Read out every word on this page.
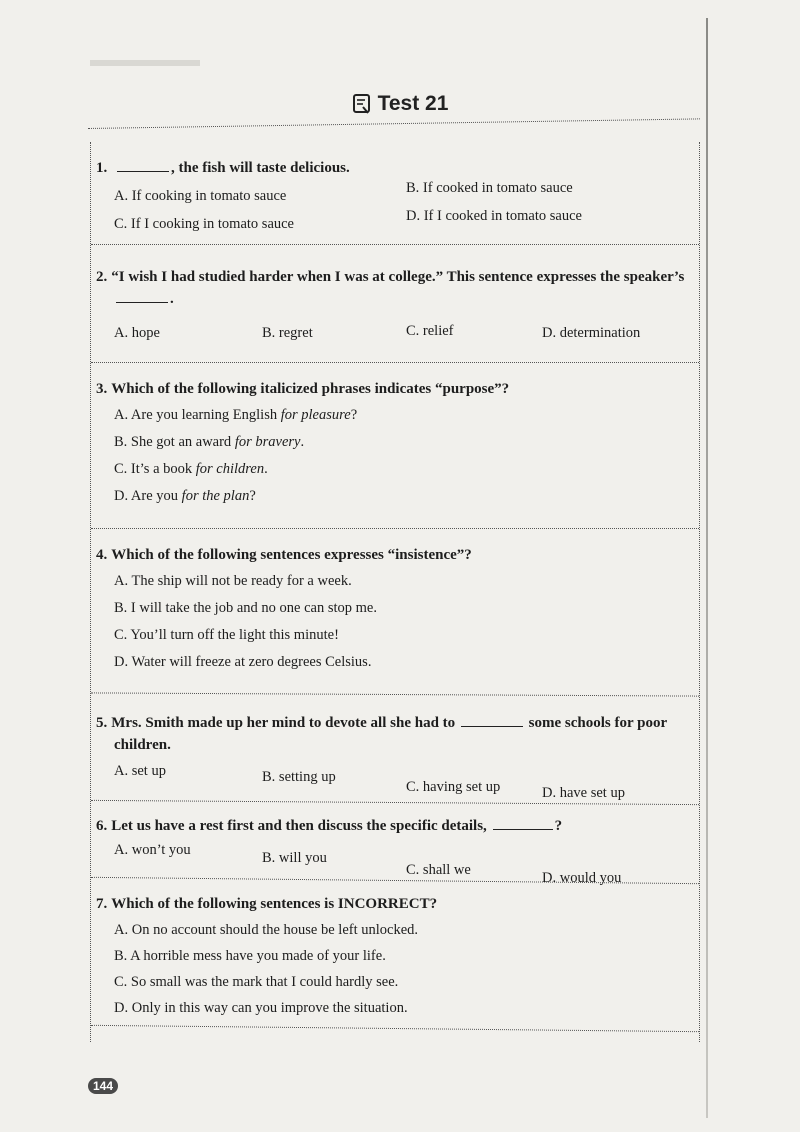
Test 21

1.	, the fish will taste delicious.

A. If cooking in tomato sauce	B. If cooked in tomato sauce
C. If I cooking in tomato sauce	D. If I cooked in tomato sauce

2. “I wish I had studied harder when I was at college.” This sentence expresses the speaker’s

.

A. hope	B. regret	C. relief	D. determination

3. Which of the following italicized phrases indicates “purpose”?

A. Are you learning English for pleasure?
B. She got an award for bravery.
C. It’s a book for children.
D. Are you for the plan?

4. Which of the following sentences expresses “insistence”?

A. The ship will not be ready for a week.
B. I will take the job and no one can stop me.
C. You’ll turn off the light this minute!
D. Water will freeze at zero degrees Celsius.

5. Mrs. Smith made up her mind to devote all she had to	some schools for poor

children.

A. set up	B. setting up
C. having set up	D. have set up

6. Let us have a rest first and then discuss the specific details,	?

A. won’t you	B. will you
C. shall we	D. would you

7. Which of the following sentences is INCORRECT?

A. On no account should the house be left unlocked.
B. A horrible mess have you made of your life.
C. So small was the mark that I could hardly see.
D. Only in this way can you improve the situation.
144
